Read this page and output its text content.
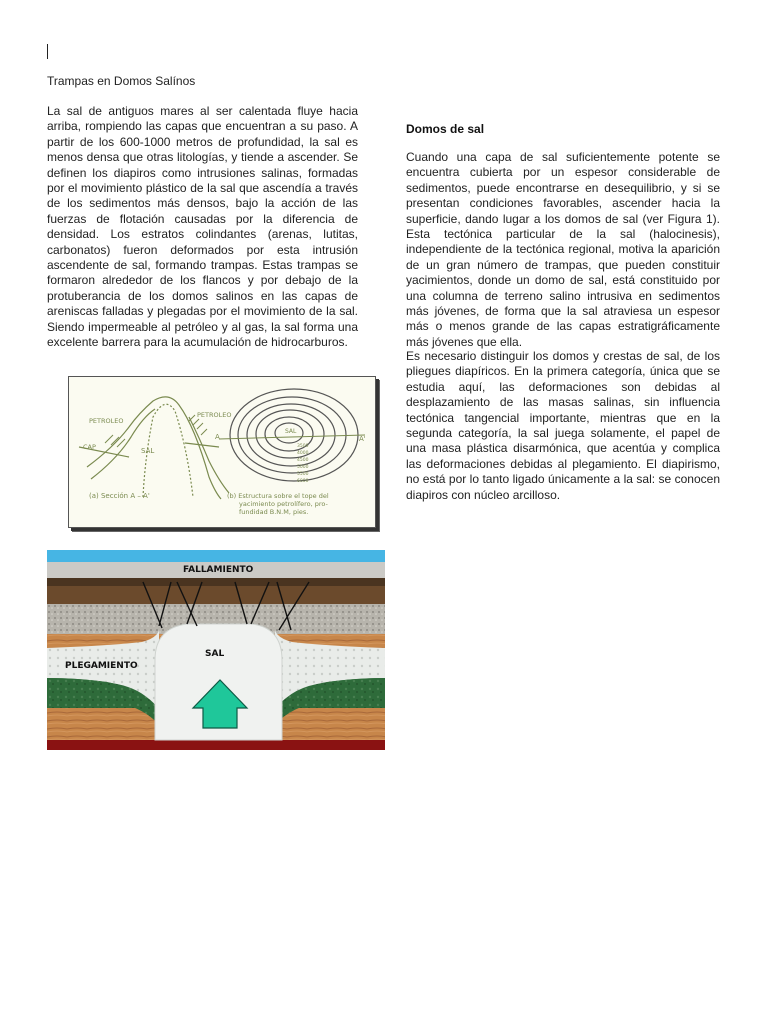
Trampas en Domos Salínos

La sal de antiguos mares al ser calentada fluye hacia arriba, rompiendo las capas que encuentran a su paso. A partir de los 600-1000 metros de profundidad, la sal es menos densa que otras litologías, y tiende a ascender. Se definen los diapiros como intrusiones salinas, formadas por el movimiento plástico de la sal que ascendía a través de los sedimentos más densos, bajo la acción de las fuerzas de flotación causadas por la diferencia de densidad. Los estratos colindantes (arenas, lutitas, carbonatos) fueron deformados por esta intrusión ascendente de sal, formando trampas. Estas trampas se formaron alrededor de los flancos y por debajo de la protuberancia de los domos salinos en las capas de areniscas falladas y plegadas por el movimiento de la sal. Siendo impermeable al petróleo y al gas, la sal forma una excelente barrera para la acumulación de hidrocarburos.

Domos de sal

Cuando una capa de sal suficientemente potente se encuentra cubierta por un espesor considerable de sedimentos, puede encontrarse en desequilibrio, y si se presentan condiciones favorables, ascender hacia la superficie, dando lugar a los domos de sal (ver Figura 1). Esta tectónica particular de la sal (halocinesis), independiente de la tectónica regional, motiva la aparición de un gran número de trampas, que pueden constituir yacimientos, donde un domo de sal, está constituido por una columna de terreno salino intrusiva en sedimentos más jóvenes, de forma que la sal atraviesa un espesor más o menos grande de las capas estratigráficamente más jóvenes que ella.

Es necesario distinguir los domos y crestas de sal, de los pliegues diapíricos. En la primera categoría, única que se estudia aquí, las deformaciones son debidas al desplazamiento de las masas salinas, sin influencia tectónica tangencial importante, mientras que en la segunda categoría, la sal juega solamente, el papel de una masa plástica disarmónica, que acentúa y complica las deformaciones debidas al plegamiento. El diapirismo, no está por lo tanto ligado únicamente a la sal: se conocen diapiros con núcleo arcilloso.

PETROLEO
PETROLEO
CAP	SAL
SAL
A	A'
3500
4000
4500
5000
5500
6000
(a) Sección A – A'	(b) Estructura sobre el tope del
yacimiento petrolífero, pro-
fundidad B.N.M, pies.
FALLAMIENTO
SAL
PLEGAMIENTO
